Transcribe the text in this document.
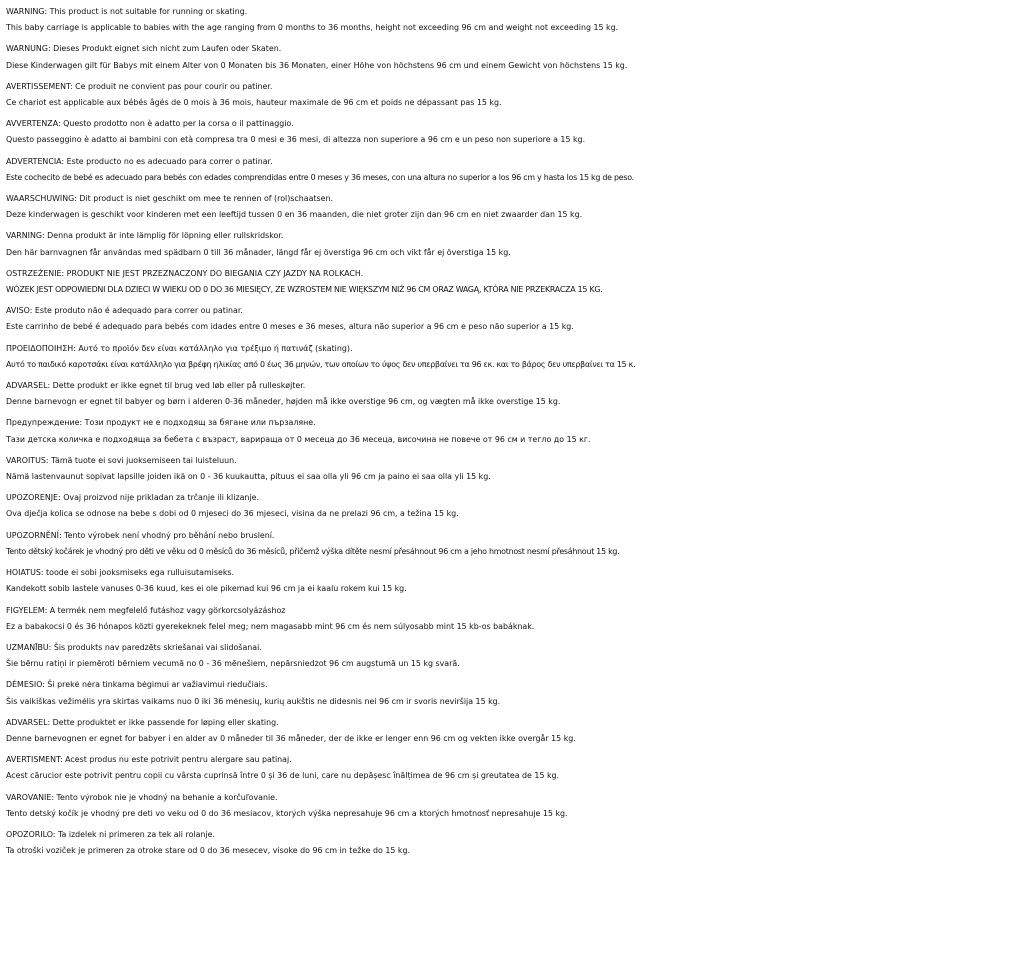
WARNING: This product is not suitable for running or skating.
This baby carriage is applicable to babies with the age ranging from 0 months to 36 months, height not exceeding 96 cm and weight not exceeding 15 kg.
WARNUNG: Dieses Produkt eignet sich nicht zum Laufen oder Skaten.
Diese Kinderwagen gilt für Babys mit einem Alter von 0 Monaten bis 36 Monaten, einer Höhe von höchstens 96 cm und einem Gewicht von höchstens 15 kg.
AVERTISSEMENT: Ce produit ne convient pas pour courir ou patiner.
Ce chariot est applicable aux bébés âgés de 0 mois à 36 mois, hauteur maximale de 96 cm et poids ne dépassant pas 15 kg.
AVVERTENZA: Questo prodotto non è adatto per la corsa o il pattinaggio.
Questo passeggino è adatto ai bambini con età compresa tra 0 mesi e 36 mesi, di altezza non superiore a 96 cm e un peso non superiore a 15 kg.
ADVERTENCIA: Este producto no es adecuado para correr o patinar.
Este cochecito de bebé es adecuado para bebés con edades comprendidas entre 0 meses y 36 meses, con una altura no superior a los 96 cm y hasta los 15 kg de peso.
WAARSCHUWING: Dit product is niet geschikt om mee te rennen of (rol)schaatsen.
Deze kinderwagen is geschikt voor kinderen met een leeftijd tussen 0 en 36 maanden, die niet groter zijn dan 96 cm en niet zwaarder dan 15 kg.
VARNING: Denna produkt är inte lämplig för löpning eller rullskridskor.
Den här barnvagnen får användas med spädbarn 0 till 36 månader, längd får ej överstiga 96 cm och vikt får ej överstiga 15 kg.
OSTRZEŻENIE: PRODUKT NIE JEST PRZEZNACZONY DO BIEGANIA CZY JAZDY NA ROLKACH.
WÓZEK JEST ODPOWIEDNI DLA DZIECI W WIEKU OD 0 DO 36 MIESIĘCY, ZE WZROSTEM NIE WIĘKSZYM NIŻ 96 CM ORAZ WAGĄ, KTÓRA NIE PRZEKRACZA 15 KG.
AVISO: Este produto não é adequado para correr ou patinar.
Este carrinho de bebé é adequado para bebés com idades entre 0 meses e 36 meses, altura não superior a 96 cm e peso não superior a 15 kg.
ΠΡΟΕΙΔΟΠΟΙΗΣΗ: Αυτό το προϊόν δεν είναι κατάλληλο για τρέξιμο ή πατινάζ (skating).
Αυτό το παιδικό καροτσάκι είναι κατάλληλο για βρέφη ηλικίας από 0 έως 36 μηνών, των οποίων το ύψος δεν υπερβαίνει τα 96 εκ. και το βάρος δεν υπερβαίνει τα 15 κ.
ADVARSEL: Dette produkt er ikke egnet til brug ved løb eller på rulleskøjter.
Denne barnevogn er egnet til babyer og børn i alderen 0-36 måneder, højden må ikke overstige 96 cm, og vægten må ikke overstige 15 kg.
Предупреждение: Този продукт не е подходящ за бягане или пързаляне.
Тази детска количка е подходяща за бебета с възраст, варираща от 0 месеца до 36 месеца, височина не повече от 96 см и тегло до 15 кг.
VAROITUS: Tämä tuote ei sovi juoksemiseen tai luisteluun.
Nämä lastenvaunut sopivat lapsille joiden ikä on 0 - 36 kuukautta, pituus ei saa olla yli 96 cm ja paino ei saa olla yli 15 kg.
UPOZORENJE: Ovaj proizvod nije prikladan za trčanje ili klizanje.
Ova dječja kolica se odnose na bebe s dobi od 0 mjeseci do 36 mjeseci, visina da ne prelazi 96 cm, a težina 15 kg.
UPOZORNĚNÍ: Tento výrobek není vhodný pro běhání nebo bruslení.
Tento dětský kočárek je vhodný pro děti ve věku od 0 měsíců do 36 měsíců, přičemž výška dítěte nesmí přesáhnout 96 cm a jeho hmotnost nesmí přesáhnout 15 kg.
HOIATUS: toode ei sobi jooksmiseks ega rulluisutamiseks.
Kandekott sobib lastele vanuses 0-36 kuud, kes ei ole pikemad kui 96 cm ja ei kaalu rokem kui 15 kg.
FIGYELEM: A termék nem megfelelő futáshoz vagy görkorcsolyázáshoz
Ez a babakocsi 0 és 36 hónapos közti gyerekeknek felel meg; nem magasabb mint 96 cm és nem súlyosabb mint 15 kb-os babáknak.
UZMANĪBU: Šis produkts nav paredzēts skriešanai vai slidošanai.
Šie bērnu ratiņi ir piemēroti bērniem vecumā no 0 - 36 mēnešiem, nepārsniedzot 96 cm augstumā un 15 kg svarā.
DĖMESIO: Ši prekė nėra tinkama bėgimui ar važiavimui riedučiais.
Šis vaikiškas vežimėlis yra skirtas vaikams nuo 0 iki 36 mėnesių, kurių aukštis ne didesnis nei 96 cm ir svoris neviršija 15 kg.
ADVARSEL: Dette produktet er ikke passende for løping eller skating.
Denne barnevognen er egnet for babyer i en alder av 0 måneder til 36 måneder, der de ikke er lenger enn 96 cm og vekten ikke overgår 15 kg.
AVERTISMENT: Acest produs nu este potrivit pentru alergare sau patinaj.
Acest cărucior este potrivit pentru copii cu vârsta cuprinsă între 0 și 36 de luni, care nu depășesc înălțimea de 96 cm și greutatea de 15 kg.
VAROVANIE: Tento výrobok nie je vhodný na behanie a korčuľovanie.
Tento detský kočík je vhodný pre deti vo veku od 0 do 36 mesiacov, ktorých výška nepresahuje 96 cm a ktorých hmotnosť nepresahuje 15 kg.
OPOZORILO: Ta izdelek ni primeren za tek ali rolanje.
Ta otroški voziček je primeren za otroke stare od 0 do 36 mesecev, visoke do 96 cm in težke do 15 kg.
